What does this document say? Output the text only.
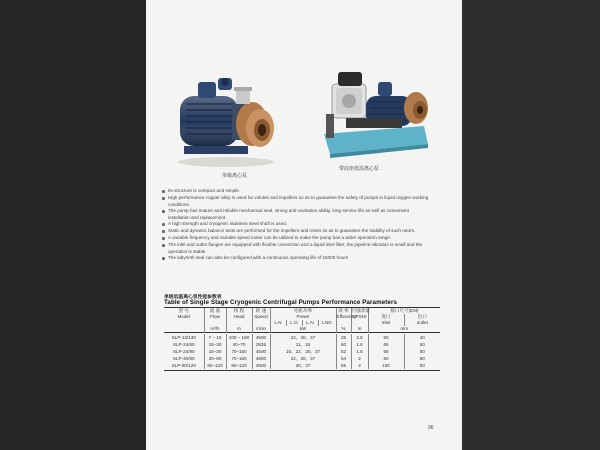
单级离心泵
带底座低温离心泵

Its structure is compact and simple.

High performance copper alloy is used for volutes and impellers so as to guarantee the safety of pumps in liquid oxygen working conditions.

The pump has mature and reliable mechanical seal, strong anti-cavitation ability, long service life as well as convenient installation and replacement.

A high strength and cryogenic stainless steel shaft is used.

Static and dynamic balance tests are performed for the impellers and rotors so as to guarantee the stability of such rotors.

A variable frequency and variable speed motor can be utilized to make the pump has a wider operation range.

The inlet and outlet flanges are equipped with flexible connection and a liquid inlet filter; the pipeline vibration is small and the operation is stable.

The labyrinth seal can also be configured,with a continuous operating life of 16000 hours

单级低温离心泵性能参数表
Table of Single Stage Cryogenic Centrifugal Pumps Performance Parameters
型 号	流 量	扬 程	转 速	电机功率				效 率	汽蚀余量	接口尺寸(DN)	
Model	Flow	Head	Speed	Power				Efficiency	NPSHr	进口	出口
				L.N	L.O	L.Ar	LNG			Inlet	outlet
	m³/h	m	r/min	kW				%	m	mm	

SLP-13/130	7 – 15	100 – 160	4500	22、30、37				25	2.5	50	40
SLP-24/60	15–30	40–70	2935	11、15				60	1.6	65	50
SLP-24/90	15–30	70–160	4500	15、22、30、37				52	1.6	65	50
SLP-40/90	30–50	70–160	4500	22、30、37				54	2	80	50
SLP-80/120	60–120	90–120	4500	30、37				56	2	100	50

06
